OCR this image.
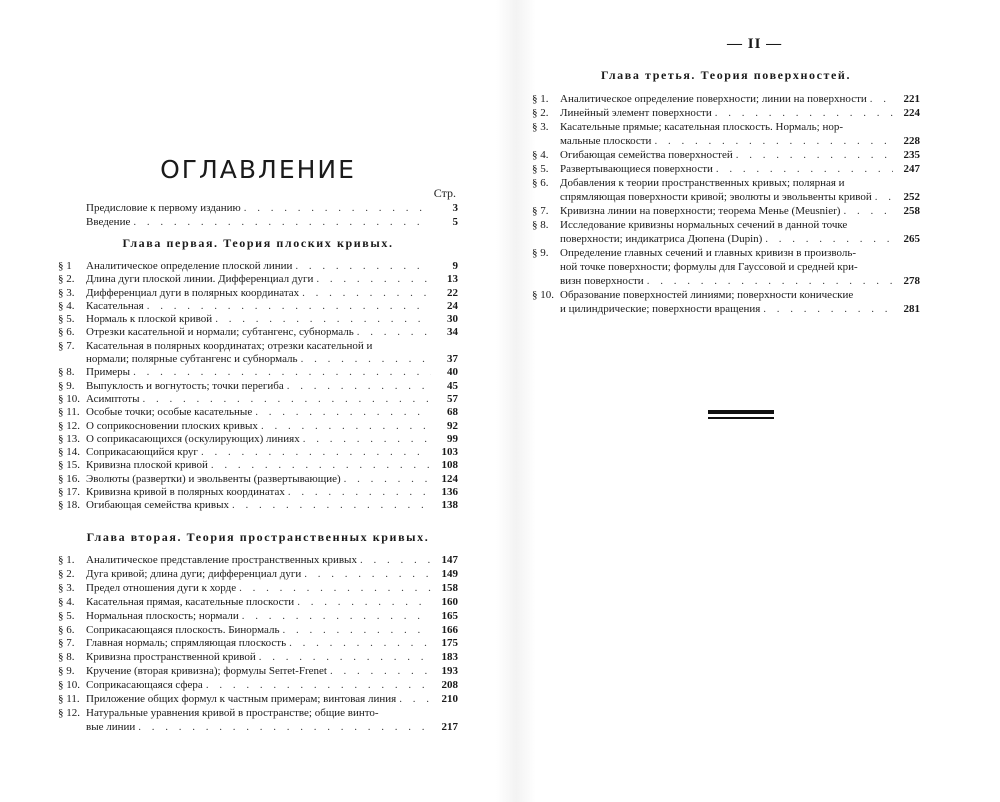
ОГЛАВЛЕНИЕ
Стр.
Предисловие к первому изданию . . .	3
Введение . . .	5
Глава первая. Теория плоских кривых.
§ 1	Аналитическое определение плоской линии . . .	9
§ 2.	Длина дуги плоской линии. Дифференциал дуги . . .	13
§ 3.	Дифференциал дуги в полярных координатах . . .	22
§ 4.	Касательная . . .	24
§ 5.	Нормаль к плоской кривой . . .	30
§ 6.	Отрезки касательной и нормали; субтангенс, субнормаль . . .	34
§ 7.	Касательная в полярных координатах; отрезки касательной и
нормали; полярные субтангенс и субнормаль . . .	37
§ 8.	Примеры . . .	40
§ 9.	Выпуклость и вогнутость; точки перегиба . . .	45
§ 10. Асимптоты . . .	57
§ 11. Особые точки; особые касательные . . .	68
§ 12. О соприкосновении плоских кривых . . .	92
§ 13. О соприкасающихся (оскулирующих) линиях . . .	99
§ 14. Соприкасающийся круг . . .	103
§ 15. Кривизна плоской кривой . . .	108
§ 16. Эволюты (развертки) и эвольвенты (развертывающие) . . .	124
§ 17. Кривизна кривой в полярных координатах . . .	136
§ 18. Огибающая семейства кривых . . .	138
Глава вторая. Теория пространственных кривых.
§ 1.	Аналитическое представление пространственных кривых . . .	147
§ 2.	Дуга кривой; длина дуги; дифференциал дуги . . .	149
§ 3.	Предел отношения дуги к хорде . . .	158
§ 4.	Касательная прямая, касательные плоскости . . .	160
§ 5.	Нормальная плоскость; нормали . . .	165
§ 6.	Соприкасающаяся плоскость. Бинормаль . . .	166
§ 7.	Главная нормаль; спрямляющая плоскость . . .	175
§ 8.	Кривизна пространственной кривой . . .	183
§ 9.	Кручение (вторая кривизна); формулы Serret-Frenet . . .	193
§ 10. Соприкасающаяся сфера . . .	208
§ 11. Приложение общих формул к частным примерам; винтовая линия . . .	210
§ 12. Натуральные уравнения кривой в пространстве; общие винто-
вые линии . . .	217
— II —
Глава третья. Теория поверхностей.
§ 1.	Аналитическое определение поверхности; линии на поверхности . . .	221
§ 2.	Линейный элемент поверхности . . .	224
§ 3.	Касательные прямые; касательная плоскость. Нормаль; нор-
мальные плоскости . . .	228
§ 4.	Огибающая семейства поверхностей . . .	235
§ 5.	Развертывающиеся поверхности . . .	247
§ 6.	Добавления к теории пространственных кривых; полярная и
спрямляющая поверхности кривой; эволюты и эвольвенты кривой . . .	252
§ 7.	Кривизна линии на поверхности; теорема Менье (Meusnier) . . .	258
§ 8.	Исследование кривизны нормальных сечений в данной точке
поверхности; индикатриса Дюпена (Dupin) . . .	265
§ 9.	Определение главных сечений и главных кривизн в произволь-
ной точке поверхности; формулы для Гауссовой и средней кри-
визн поверхности . . .	278
§ 10. Образование поверхностей линиями; поверхности конические
и цилиндрические; поверхности вращения . . .	281
